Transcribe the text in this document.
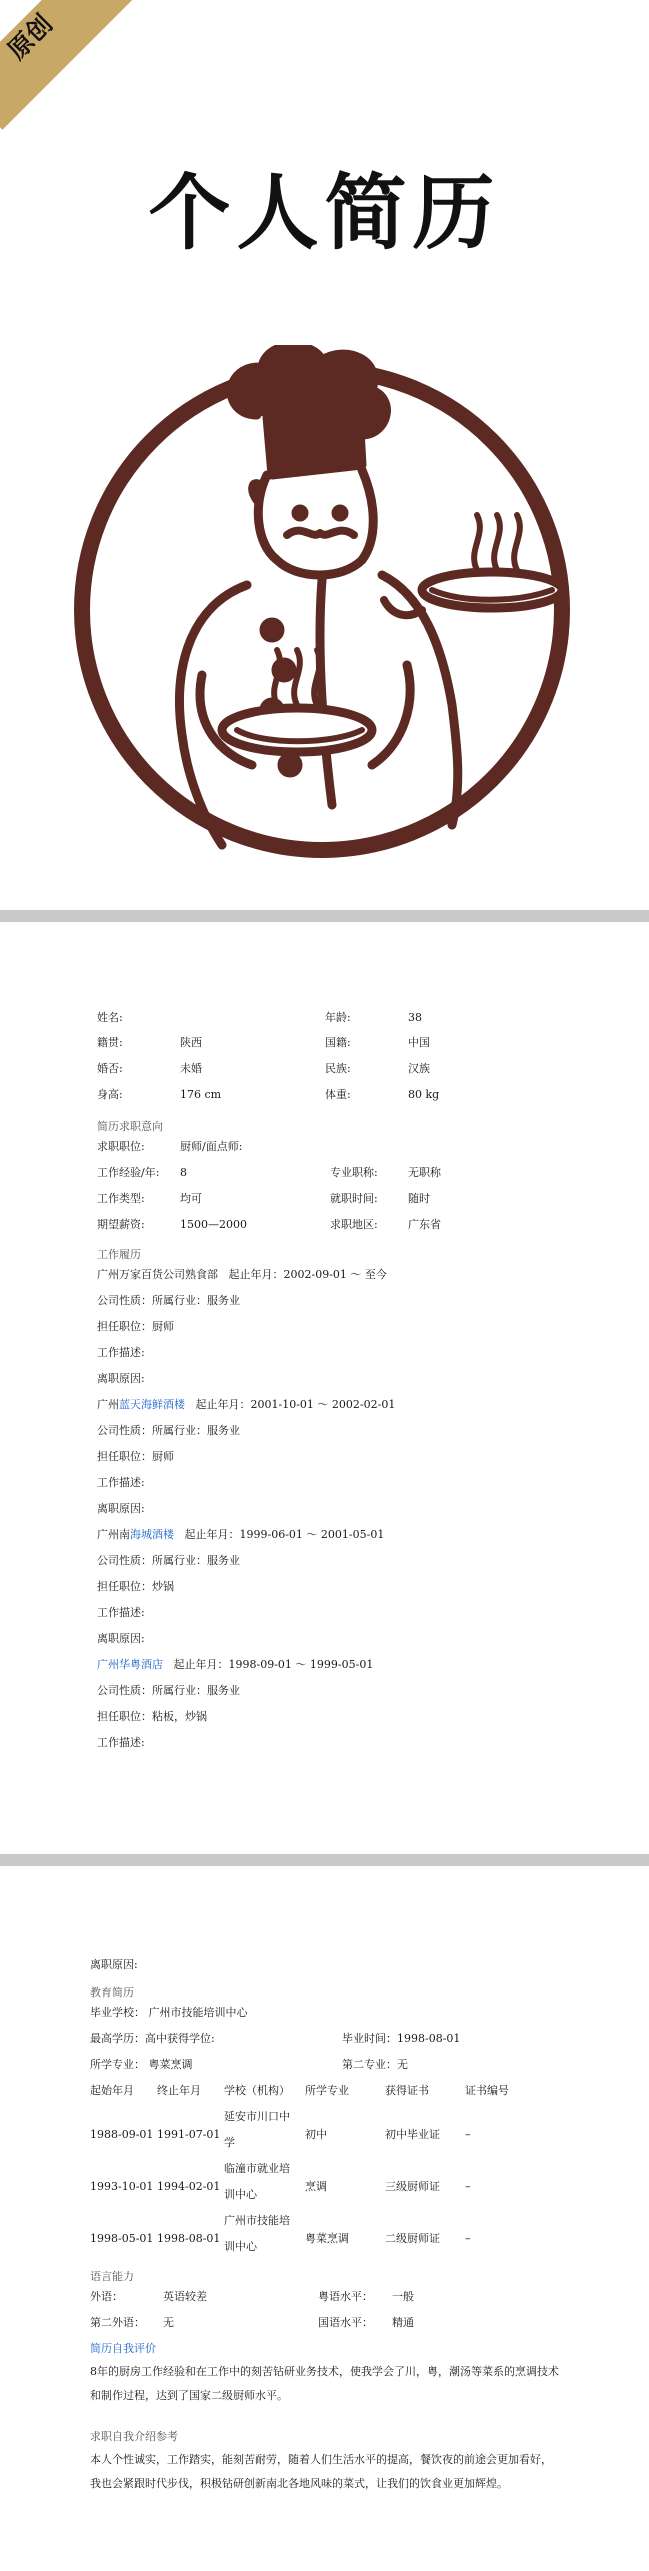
原创
个人简历
姓名:	年龄:	38
籍贯:	陕西	国籍:	中国
婚否:	未婚	民族:	汉族
身高:	176 cm	体重:	80 kg
简历求职意向
求职职位:	厨师/面点师:
工作经验/年: 8	专业职称:	无职称
工作类型:	均可	就职时间:	随时
期望薪资:	1500—2000	求职地区:	广东省
工作履历
广州万家百货公司熟食部 起止年月：2002-09-01 ～ 至今
公司性质：所属行业：服务业
担任职位：厨师
工作描述:
离职原因:
广州蓝天海鲜酒楼 起止年月：2001-10-01 ～ 2002-02-01
公司性质：所属行业：服务业
担任职位：厨师
工作描述:
离职原因:
广州南海城酒楼 起止年月：1999-06-01 ～ 2001-05-01
公司性质：所属行业：服务业
担任职位：炒锅
工作描述:
离职原因:
广州华粤酒店 起止年月：1998-09-01 ～ 1999-05-01
公司性质：所属行业：服务业
担任职位：粘板，炒锅
工作描述:
离职原因:
教育简历
毕业学校： 广州市技能培训中心
最高学历：高中获得学位:	毕业时间：1998-08-01
所学专业： 粤菜烹调	第二专业：无
起始年月 终止年月 学校（机构） 所学专业	获得证书	证书编号
1988-09-01 1991-07-01
延安市川口中
学
初中	初中毕业证 –
1993-10-01 1994-02-01
临潼市就业培
训中心
烹调	三级厨师证 –
1998-05-01 1998-08-01
广州市技能培
训中心
粤菜烹调	二级厨师证 –
语言能力
外语：	英语较差	粤语水平： 一般
第二外语： 无	国语水平： 精通
简历自我评价
8年的厨房工作经验和在工作中的刻苦钻研业务技术，使我学会了川，粤，潮汤等菜系的烹调技术和制作过程，达到了国家二级厨师水平。
求职自我介绍参考
本人个性诚实，工作踏实，能刻苦耐劳，随着人们生活水平的提高，餐饮夜的前途会更加看好，我也会紧跟时代步伐，积极钻研创新南北各地风味的菜式，让我们的饮食业更加辉煌。
